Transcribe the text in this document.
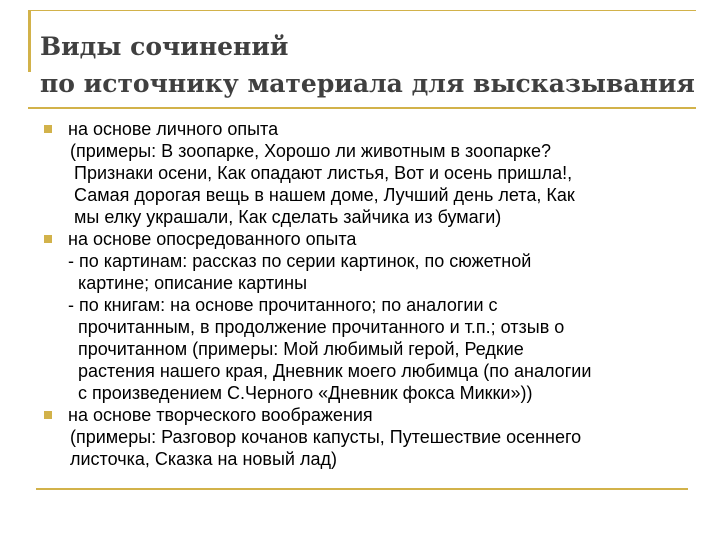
Виды сочинений
по источнику материала для высказывания
на основе личного опыта
(примеры: В зоопарке, Хорошо ли животным в зоопарке?
Признаки осени, Как опадают листья, Вот и осень пришла!,
Самая дорогая вещь в нашем доме, Лучший день лета, Как
мы елку украшали, Как сделать зайчика из бумаги)
на основе опосредованного опыта
- по картинам: рассказ по серии картинок, по сюжетной
картине; описание картины
- по книгам: на основе прочитанного; по аналогии с
прочитанным, в продолжение прочитанного и т.п.; отзыв о
прочитанном (примеры: Мой любимый герой, Редкие
растения нашего края, Дневник моего любимца (по аналогии
с произведением С.Черного «Дневник фокса Микки»))
на основе творческого воображения
(примеры: Разговор кочанов капусты, Путешествие осеннего
листочка, Сказка на новый лад)
